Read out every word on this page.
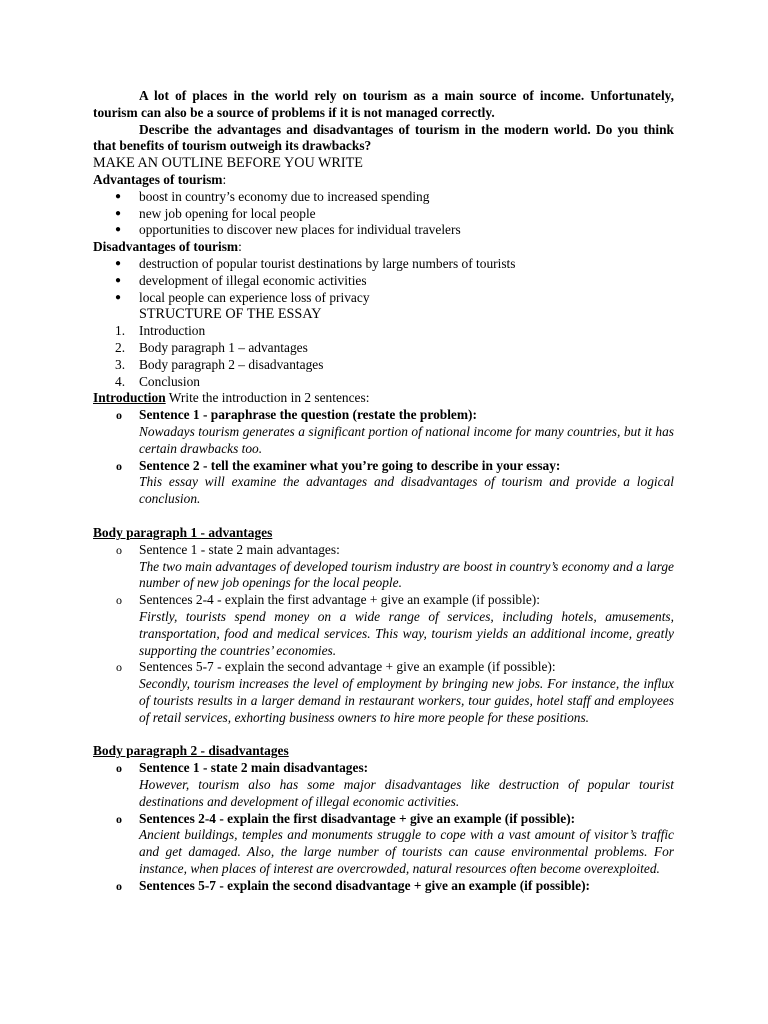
A lot of places in the world rely on tourism as a main source of income. Unfortunately, tourism can also be a source of problems if it is not managed correctly.

Describe the advantages and disadvantages of tourism in the modern world. Do you think that benefits of tourism outweigh its drawbacks?

MAKE AN OUTLINE BEFORE YOU WRITE

Advantages of tourism:

● boost in country’s economy due to increased spending
● new job opening for local people
● opportunities to discover new places for individual travelers

Disadvantages of tourism:

● destruction of popular tourist destinations by large numbers of tourists
● development of illegal economic activities
● local people can experience loss of privacy

STRUCTURE OF THE ESSAY

1. Introduction
2. Body paragraph 1 – advantages
3. Body paragraph 2 – disadvantages
4. Conclusion

Introduction Write the introduction in 2 sentences:

o Sentence 1 - paraphrase the question (restate the problem):

Nowadays tourism generates a significant portion of national income for many countries, but it has certain drawbacks too.

o Sentence 2 - tell the examiner what you’re going to describe in your essay:

This essay will examine the advantages and disadvantages of tourism and provide a logical conclusion.

Body paragraph 1 - advantages

o Sentence 1 - state 2 main advantages:

The two main advantages of developed tourism industry are boost in country’s economy and a large number of new job openings for the local people.

o Sentences 2-4 - explain the first advantage + give an example (if possible):

Firstly, tourists spend money on a wide range of services, including hotels, amusements, transportation, food and medical services. This way, tourism yields an additional income, greatly supporting the countries’ economies.

o Sentences 5-7 - explain the second advantage + give an example (if possible):

Secondly, tourism increases the level of employment by bringing new jobs. For instance, the influx of tourists results in a larger demand in restaurant workers, tour guides, hotel staff and employees of retail services, exhorting business owners to hire more people for these positions.

Body paragraph 2 - disadvantages

o Sentence 1 - state 2 main disadvantages:

However, tourism also has some major disadvantages like destruction of popular tourist destinations and development of illegal economic activities.

o Sentences 2-4 - explain the first disadvantage + give an example (if possible):

Ancient buildings, temples and monuments struggle to cope with a vast amount of visitor’s traffic and get damaged. Also, the large number of tourists can cause environmental problems. For instance, when places of interest are overcrowded, natural resources often become overexploited.

o Sentences 5-7 - explain the second disadvantage + give an example (if possible):
